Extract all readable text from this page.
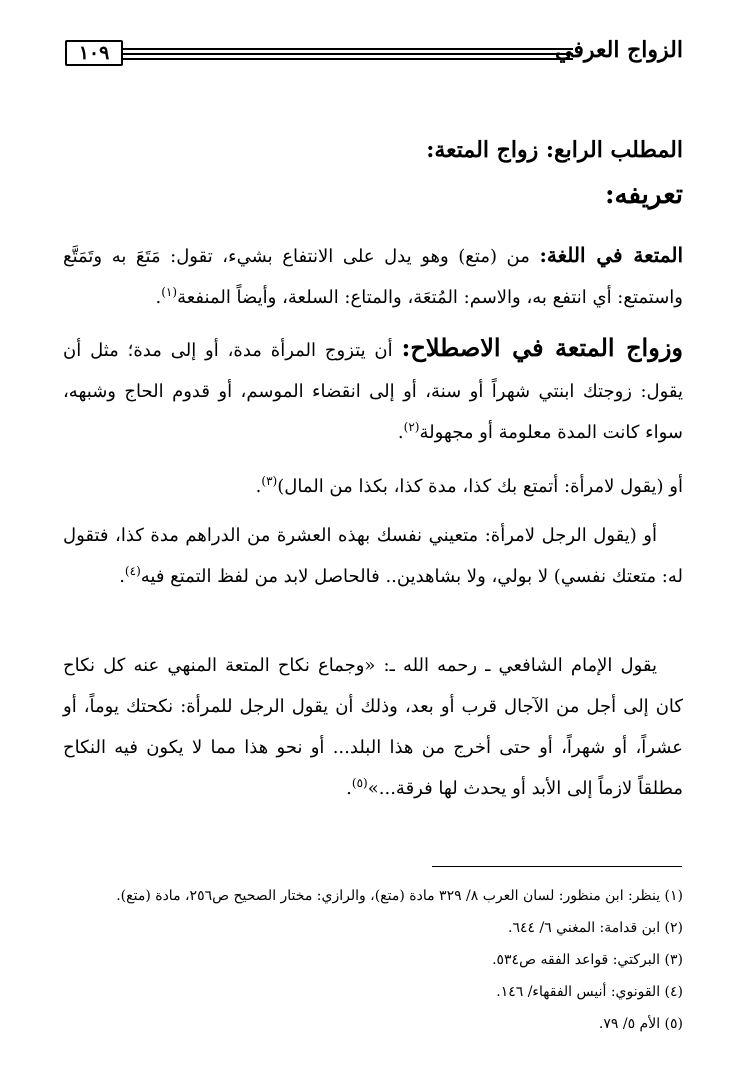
١٠٩	الزواج العرفي
المطلب الرابع: زواج المتعة:
تعريفه:
المتعة في اللغة: من (متع) وهو يدل على الانتفاع بشيء، تقول: مَتَعَ به وتَمَتَّع واستمتع: أي انتفع به، والاسم: المُتعَة، والمتاع: السلعة، وأيضاً المنفعة$^{(١)}$.
وزواج المتعة في الاصطلاح: أن يتزوج المرأة مدة، أو إلى مدة؛ مثل أن يقول: زوجتك ابنتي شهراً أو سنة، أو إلى انقضاء الموسم، أو قدوم الحاج وشبهه، سواء كانت المدة معلومة أو مجهولة$^{(٢)}$.
أو (يقول لامرأة: أتمتع بك كذا، مدة كذا، بكذا من المال)$^{(٣)}$.
أو (يقول الرجل لامرأة: متعيني نفسك بهذه العشرة من الدراهم مدة كذا، فتقول له: متعتك نفسي) لا بولي، ولا بشاهدين.. فالحاصل لابد من لفظ التمتع فيه$^{(٤)}$.
يقول الإمام الشافعي ـ رحمه الله ـ: «وجماع نكاح المتعة المنهي عنه كل نكاح كان إلى أجل من الآجال قرب أو بعد، وذلك أن يقول الرجل للمرأة: نكحتك يوماً، أو عشراً، أو شهراً، أو حتى أخرج من هذا البلد... أو نحو هذا مما لا يكون فيه النكاح مطلقاً لازماً إلى الأبد أو يحدث لها فرقة...»$^{(٥)}$.
(١) ينظر: ابن منظور: لسان العرب ٨/ ٣٢٩ مادة (متع)، والرازي: مختار الصحيح ص٢٥٦، مادة (متع).
(٢) ابن قدامة: المغني ٦/ ٦٤٤.
(٣) البركتي: قواعد الفقه ص٥٣٤.
(٤) القونوي: أنيس الفقهاء/ ١٤٦.
(٥) الأم ٥/ ٧٩.
